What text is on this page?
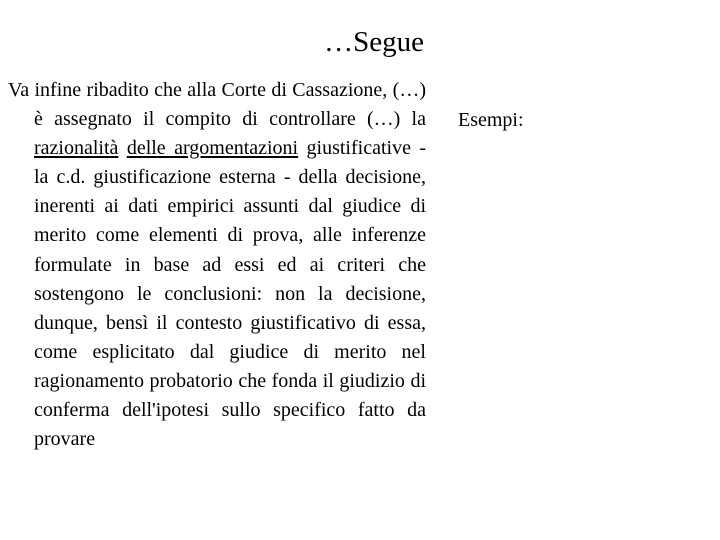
…Segue
Va infine ribadito che alla Corte di Cassazione, (…) è assegnato il compito di controllare (…) la razionalità delle argomentazioni giustificative - la c.d. giustificazione esterna - della decisione, inerenti ai dati empirici assunti dal giudice di merito come elementi di prova, alle inferenze formulate in base ad essi ed ai criteri che sostengono le conclusioni: non la decisione, dunque, bensì il contesto giustificativo di essa, come esplicitato dal giudice di merito nel ragionamento probatorio che fonda il giudizio di conferma dell'ipotesi sullo specifico fatto da provare
Esempi:
